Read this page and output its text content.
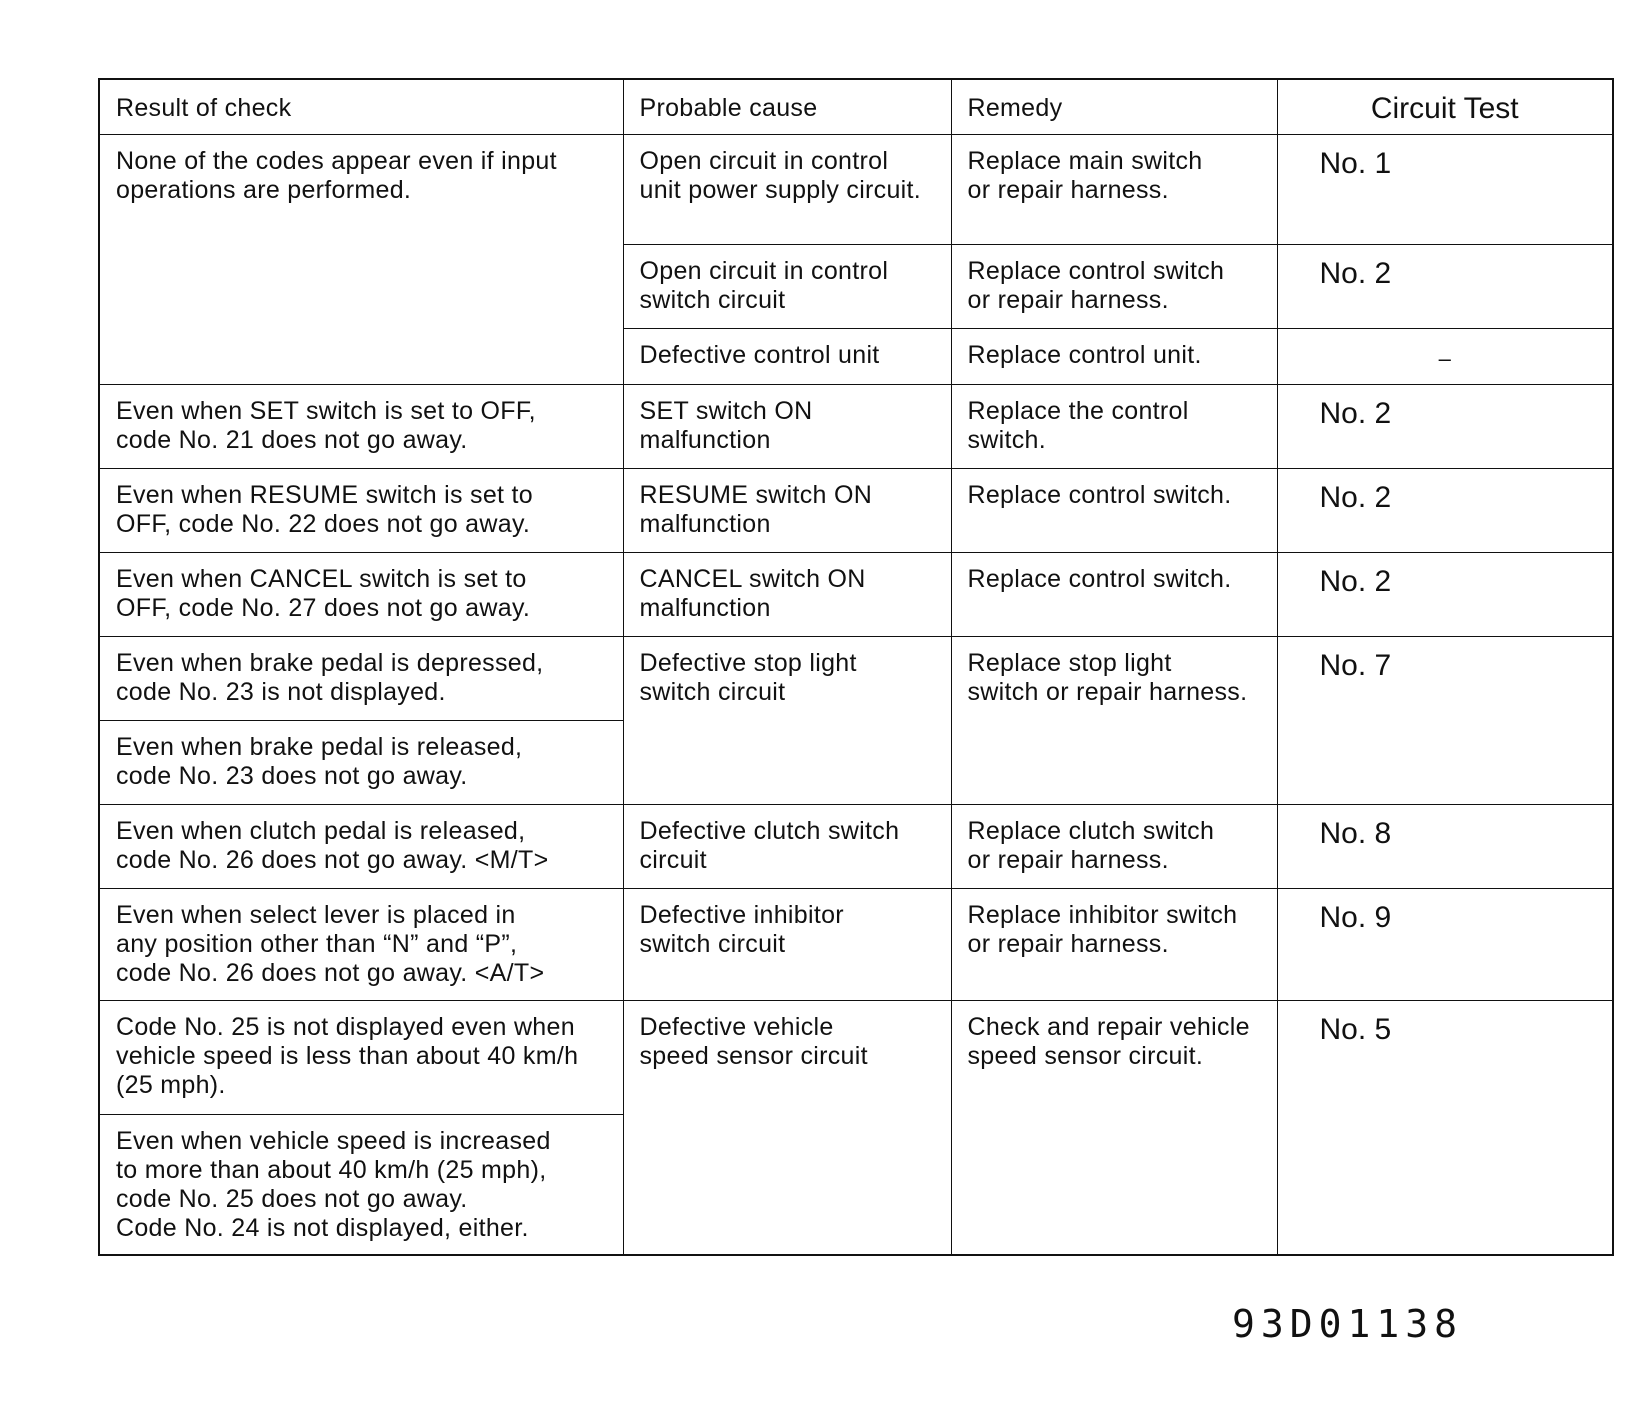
Result of check	Probable cause	Remedy	Circuit Test
None of the codes appear even if input
operations are performed.	Open circuit in control
unit power supply circuit.	Replace main switch
or repair harness.	No. 1
	Open circuit in control
switch circuit	Replace control switch
or repair harness.	No. 2
	Defective control unit	Replace control unit.	–
Even when SET switch is set to OFF,
code No. 21 does not go away.	SET switch ON
malfunction	Replace the control
switch.	No. 2
Even when RESUME switch is set to
OFF, code No. 22 does not go away.	RESUME switch ON
malfunction	Replace control switch.	No. 2
Even when CANCEL switch is set to
OFF, code No. 27 does not go away.	CANCEL switch ON
malfunction	Replace control switch.	No. 2
Even when brake pedal is depressed,
code No. 23 is not displayed.	Defective stop light
switch circuit	Replace stop light
switch or repair harness.	No. 7
Even when brake pedal is released,
code No. 23 does not go away.			
Even when clutch pedal is released,
code No. 26 does not go away. <M/T>	Defective clutch switch
circuit	Replace clutch switch
or repair harness.	No. 8
Even when select lever is placed in
any position other than “N” and “P”,
code No. 26 does not go away. <A/T>	Defective inhibitor
switch circuit	Replace inhibitor switch
or repair harness.	No. 9
Code No. 25 is not displayed even when
vehicle speed is less than about 40 km/h
(25 mph).	Defective vehicle
speed sensor circuit	Check and repair vehicle
speed sensor circuit.	No. 5
Even when vehicle speed is increased
to more than about 40 km/h (25 mph),
code No. 25 does not go away.
Code No. 24 is not displayed, either.			
93D01138
